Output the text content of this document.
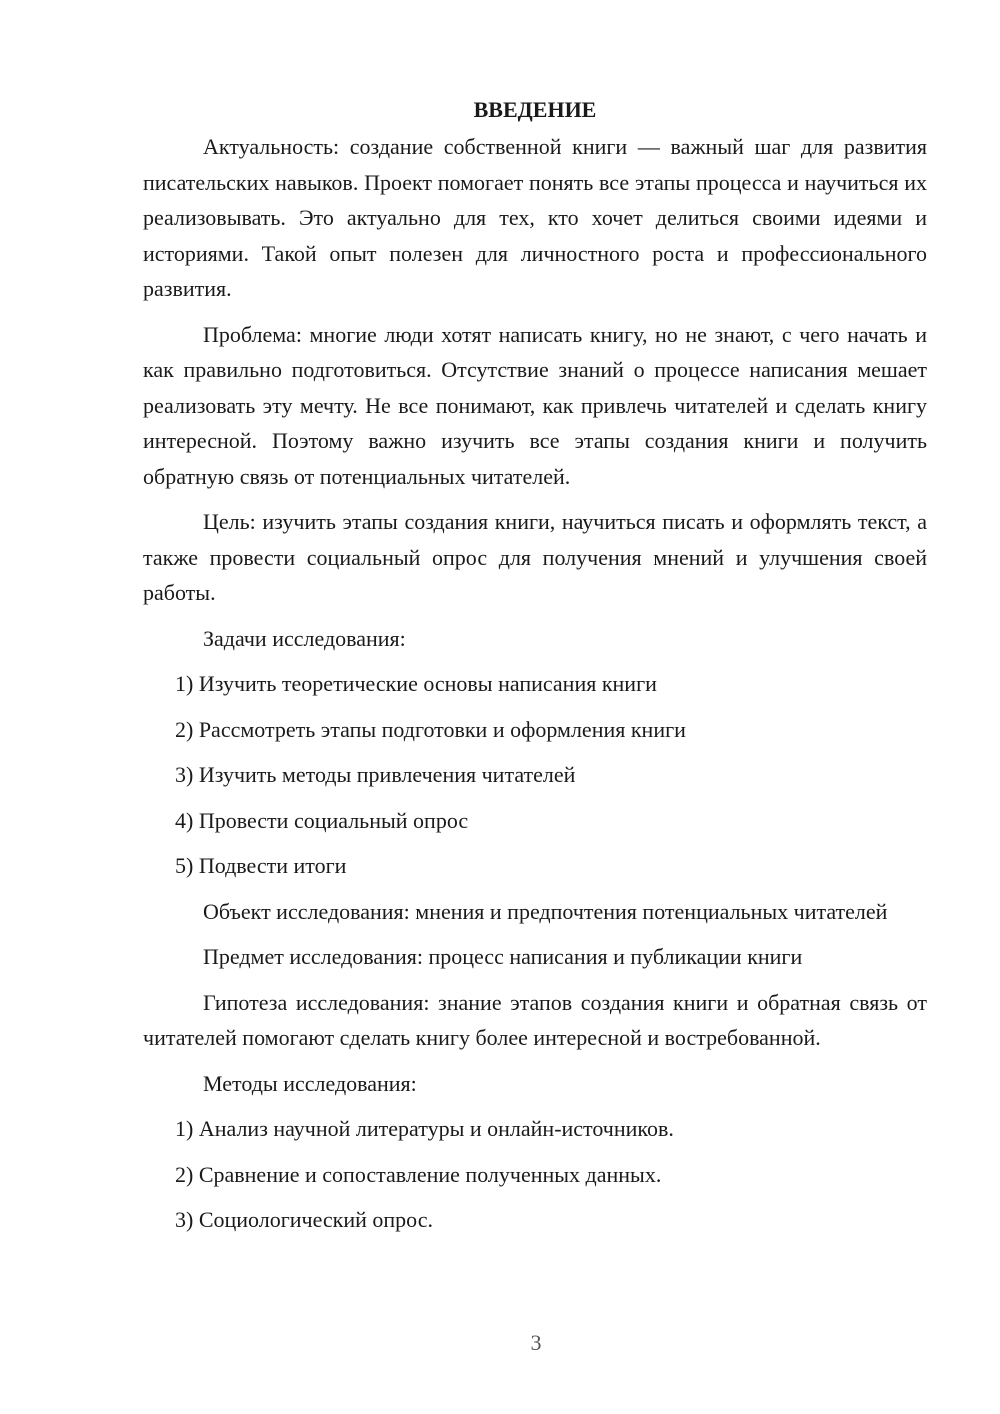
ВВЕДЕНИЕ

Актуальность: создание собственной книги — важный шаг для развития писательских навыков. Проект помогает понять все этапы процесса и научиться их реализовывать. Это актуально для тех, кто хочет делиться своими идеями и историями. Такой опыт полезен для личностного роста и профессионального развития.

Проблема: многие люди хотят написать книгу, но не знают, с чего начать и как правильно подготовиться. Отсутствие знаний о процессе написания мешает реализовать эту мечту. Не все понимают, как привлечь читателей и сделать книгу интересной. Поэтому важно изучить все этапы создания книги и получить обратную связь от потенциальных читателей.

Цель: изучить этапы создания книги, научиться писать и оформлять текст, а также провести социальный опрос для получения мнений и улучшения своей работы.

Задачи исследования:

1) Изучить теоретические основы написания книги
2) Рассмотреть этапы подготовки и оформления книги
3) Изучить методы привлечения читателей
4) Провести социальный опрос
5) Подвести итоги

Объект исследования: мнения и предпочтения потенциальных читателей

Предмет исследования: процесс написания и публикации книги

Гипотеза исследования: знание этапов создания книги и обратная связь от читателей помогают сделать книгу более интересной и востребованной.

Методы исследования:

1) Анализ научной литературы и онлайн-источников.
2) Сравнение и сопоставление полученных данных.
3) Социологический опрос.
3
